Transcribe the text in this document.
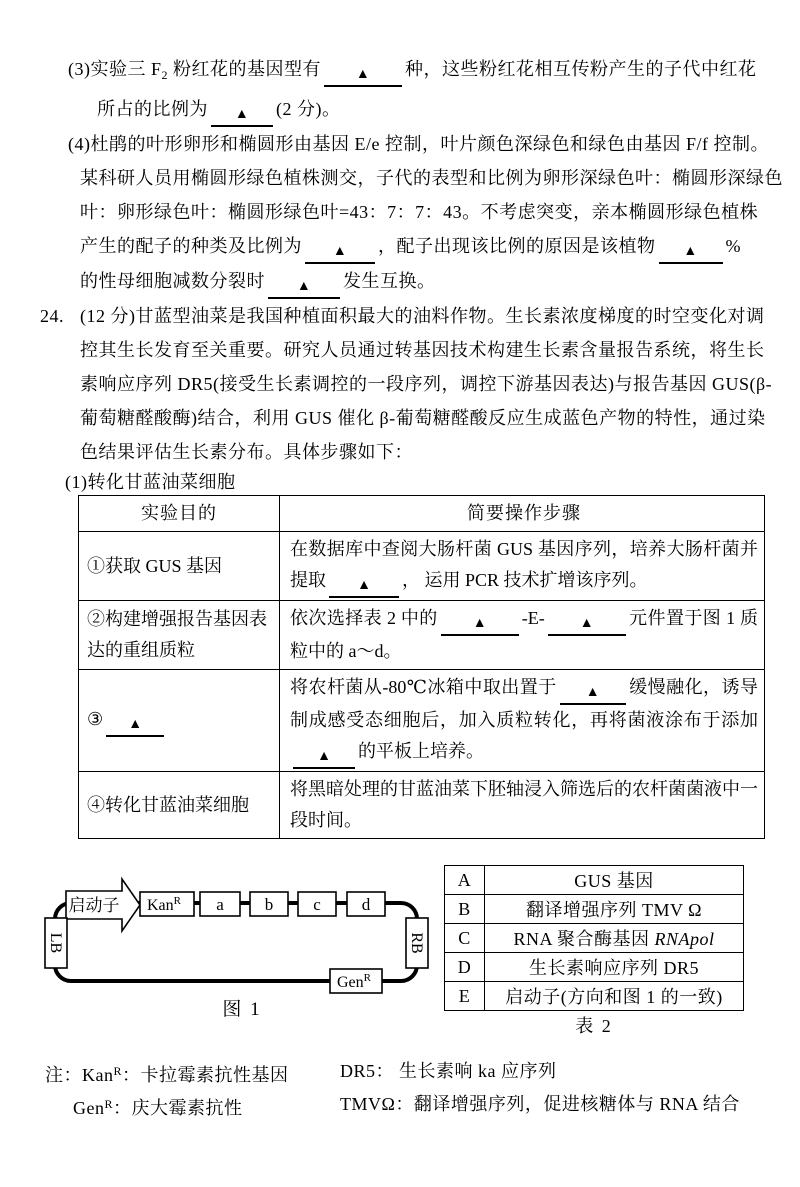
(3)实验三 $F_2$ 粉红花的基因型有 ▲ 种，这些粉红花相互传粉产生的子代中红花
所占的比例为 ▲ (2 分)。
(4)杜鹃的叶形卵形和椭圆形由基因 E/e 控制，叶片颜色深绿色和绿色由基因 F/f 控制。
某科研人员用椭圆形绿色植株测交，子代的表型和比例为卵形深绿色叶：椭圆形深绿色
叶：卵形绿色叶：椭圆形绿色叶=43：7：7：43。不考虑突变，亲本椭圆形绿色植株
产生的配子的种类及比例为 ▲ ，配子出现该比例的原因是该植物 ▲ %
的性母细胞减数分裂时 ▲ 发生互换。
24. (12 分)甘蓝型油菜是我国种植面积最大的油料作物。生长素浓度梯度的时空变化对调
控其生长发育至关重要。研究人员通过转基因技术构建生长素含量报告系统，将生长
素响应序列 DR5(接受生长素调控的一段序列，调控下游基因表达)与报告基因 GUS(β-
葡萄糖醛酸酶)结合，利用 GUS 催化 β-葡萄糖醛酸反应生成蓝色产物的特性，通过染
色结果评估生长素分布。具体步骤如下：
(1)转化甘蓝油菜细胞
实验目的	简要操作步骤
①获取 GUS 基因	在数据库中查阅大肠杆菌 GUS 基因序列，培养大肠杆菌并提取 ▲ ， 运用 PCR 技术扩增该序列。
②构建增强报告基因表达的重组质粒	依次选择表 2 中的 ▲ -E- ▲ 元件置于图 1 质粒中的 a～d。
③ ▲	将农杆菌从-80℃冰箱中取出置于 ▲ 缓慢融化，诱导制成感受态细胞后，加入质粒转化，再将菌液涂布于添加▲ 的平板上培养。
④转化甘蓝油菜细胞	将黑暗处理的甘蓝油菜下胚轴浸入筛选后的农杆菌菌液中一段时间。
启动子 Kan$^R$ a b c d
LB	RB
Gen$^R$
图 1
A	GUS 基因
B	翻译增强序列 TMV Ω
C	RNA 聚合酶基因 RNApol
D	生长素响应序列 DR5
E	启动子(方向和图 1 的一致)
表 2
注：Kan$^R$：卡拉霉素抗性基因	DR5： 生长素响 ka 应序列
Gen$^R$：庆大霉素抗性	TMVΩ：翻译增强序列，促进核糖体与 RNA 结合
